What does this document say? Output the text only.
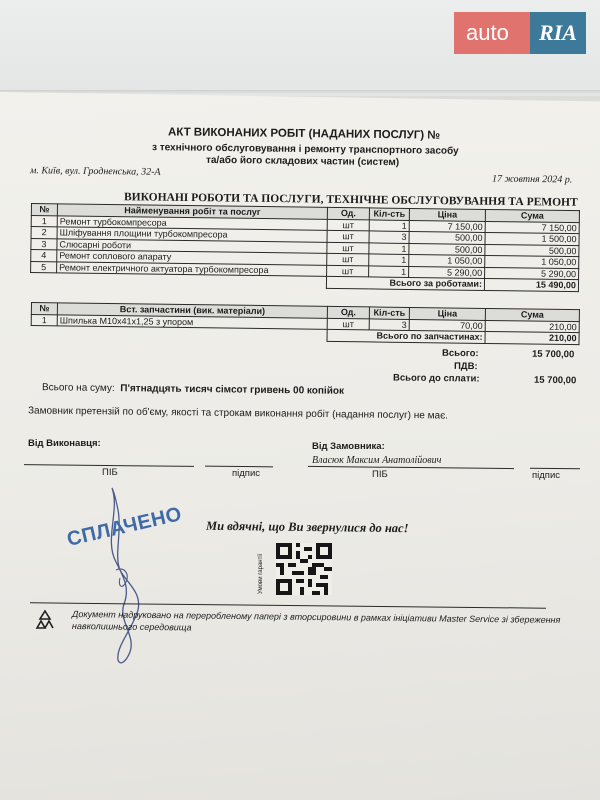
auto	RIA
АКТ ВИКОНАНИХ РОБІТ (НАДАНИХ ПОСЛУГ) №
з технічного обслуговування і ремонту транспортного засобу
та/або його складових частин (систем)
м. Київ, вул. Гродненська, 32-А
17 жовтня 2024 р.
ВИКОНАНІ РОБОТИ ТА ПОСЛУГИ, ТЕХНІЧНЕ ОБСЛУГОВУВАННЯ ТА РЕМОНТ
№	Найменування робіт та послуг	Од.	Кіл-сть	Ціна	Сума
1	Ремонт турбокомпресора	шт	1	7 150,00	7 150,00
2	Шліфування площини турбокомпресора	шт	3	500,00	1 500,00
3	Слюсарні роботи	шт	1	500,00	500,00
4	Ремонт соплового апарату	шт	1	1 050,00	1 050,00
5	Ремонт електричного актуатора турбокомпресора	шт	1	5 290,00	5 290,00
		Всього за роботами:			15 490,00
№	Вст. запчастини (вик. матеріали)	Од.	Кіл-сть	Ціна	Сума
1	Шпилька М10х41х1,25 з упором	шт	3	70,00	210,00
		Всього по запчастинах:			210,00
Всього:	15 700,00
ПДВ:
Всього до сплати:	15 700,00
Всього на суму: П'ятнадцять тисяч сімсот гривень 00 копійок
Замовник претензій по об'єму, якості та строкам виконання робіт (надання послуг) не має.
Від Виконавця:	Від Замовника:
Власюк Максим Анатолійович
ПІБ	підпис	ПІБ	підпис
СПЛАЧЕНО Ми вдячні, що Ви звернулися до нас!
Умови гарантії
Документ надруковано на переробленому папері з вторсировини в рамках ініціативи Master Service зі збереження навколишнього середовища
